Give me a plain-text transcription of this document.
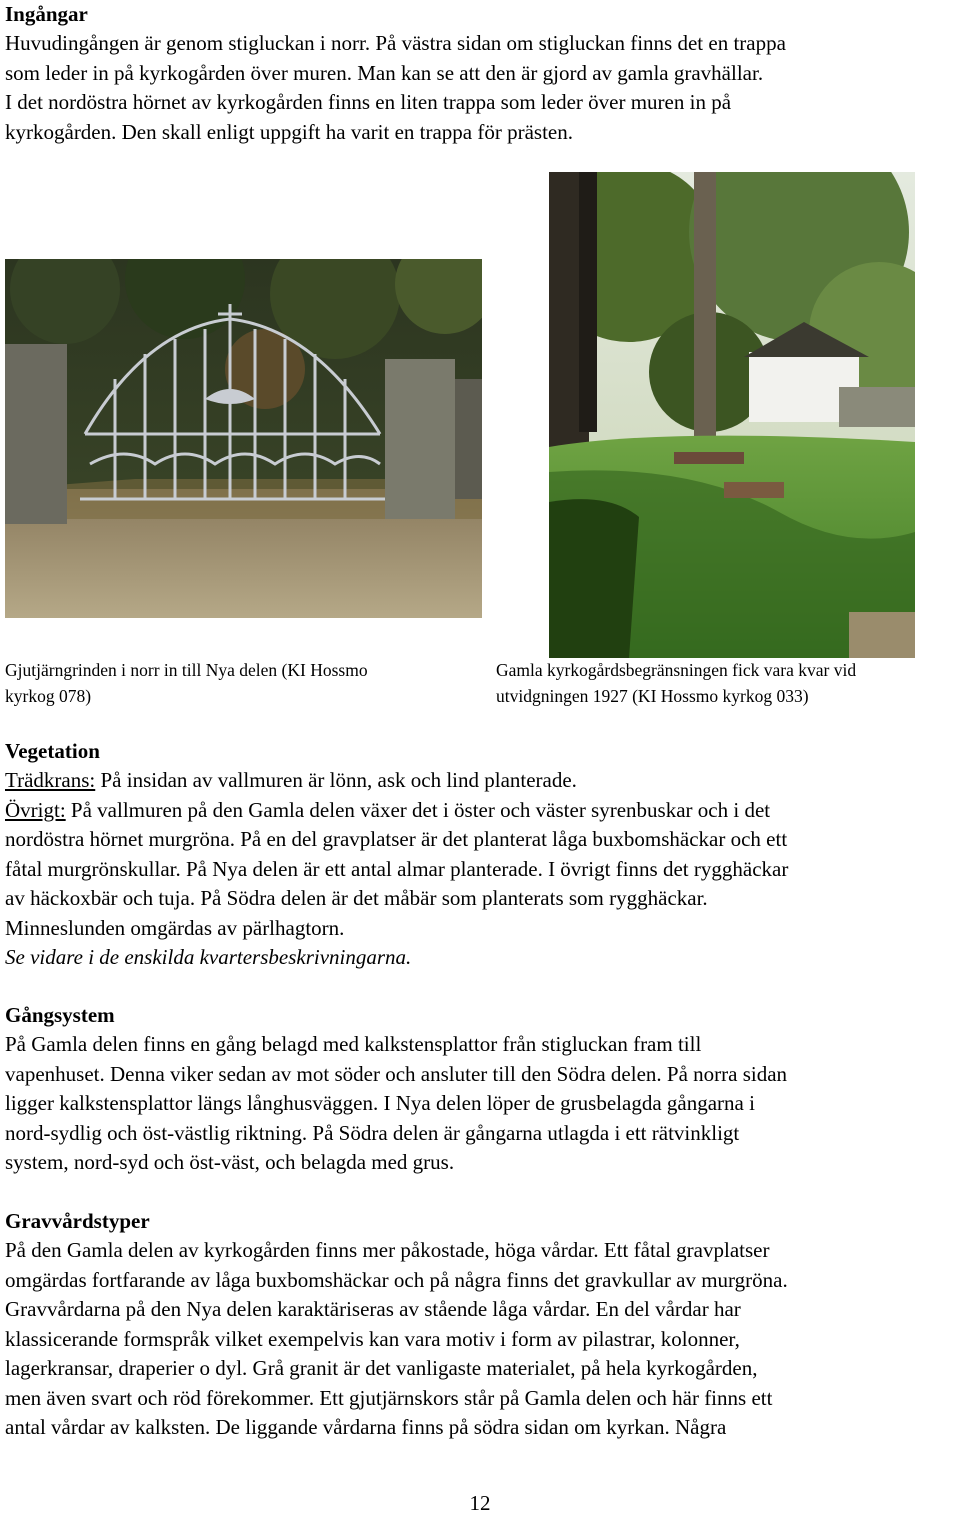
Ingångar
Huvudingången är genom stigluckan i norr. På västra sidan om stigluckan finns det en trappa
som leder in på kyrkogården över muren. Man kan se att den är gjord av gamla gravhällar.
I det nordöstra hörnet av kyrkogården finns en liten trappa som leder över muren in på
kyrkogården. Den skall enligt uppgift ha varit en trappa för prästen.
Gjutjärngrinden i norr in till Nya delen (KI Hossmo
kyrkog 078)
Gamla kyrkogårdsbegränsningen fick vara kvar vid
utvidgningen 1927 (KI Hossmo kyrkog 033)
Vegetation
Trädkrans: På insidan av vallmuren är lönn, ask och lind planterade.
Övrigt: På vallmuren på den Gamla delen växer det i öster och väster syrenbuskar och i det
nordöstra hörnet murgröna. På en del gravplatser är det planterat låga buxbomshäckar och ett
fåtal murgrönskullar. På Nya delen är ett antal almar planterade. I övrigt finns det rygghäckar
av häckoxbär och tuja. På Södra delen är det måbär som planterats som rygghäckar.
Minneslunden omgärdas av pärlhagtorn.
Se vidare i de enskilda kvartersbeskrivningarna.
Gångsystem
På Gamla delen finns en gång belagd med kalkstensplattor från stigluckan fram till
vapenhuset. Denna viker sedan av mot söder och ansluter till den Södra delen. På norra sidan
ligger kalkstensplattor längs långhusväggen. I Nya delen löper de grusbelagda gångarna i
nord-sydlig och öst-västlig riktning. På Södra delen är gångarna utlagda i ett rätvinkligt
system, nord-syd och öst-väst, och belagda med grus.
Gravvårdstyper
På den Gamla delen av kyrkogården finns mer påkostade, höga vårdar. Ett fåtal gravplatser
omgärdas fortfarande av låga buxbomshäckar och på några finns det gravkullar av murgröna.
Gravvårdarna på den Nya delen karaktäriseras av stående låga vårdar. En del vårdar har
klassicerande formspråk vilket exempelvis kan vara motiv i form av pilastrar, kolonner,
lagerkransar, draperier o dyl. Grå granit är det vanligaste materialet, på hela kyrkogården,
men även svart och röd förekommer. Ett gjutjärnskors står på Gamla delen och här finns ett
antal vårdar av kalksten. De liggande vårdarna finns på södra sidan om kyrkan. Några
12
